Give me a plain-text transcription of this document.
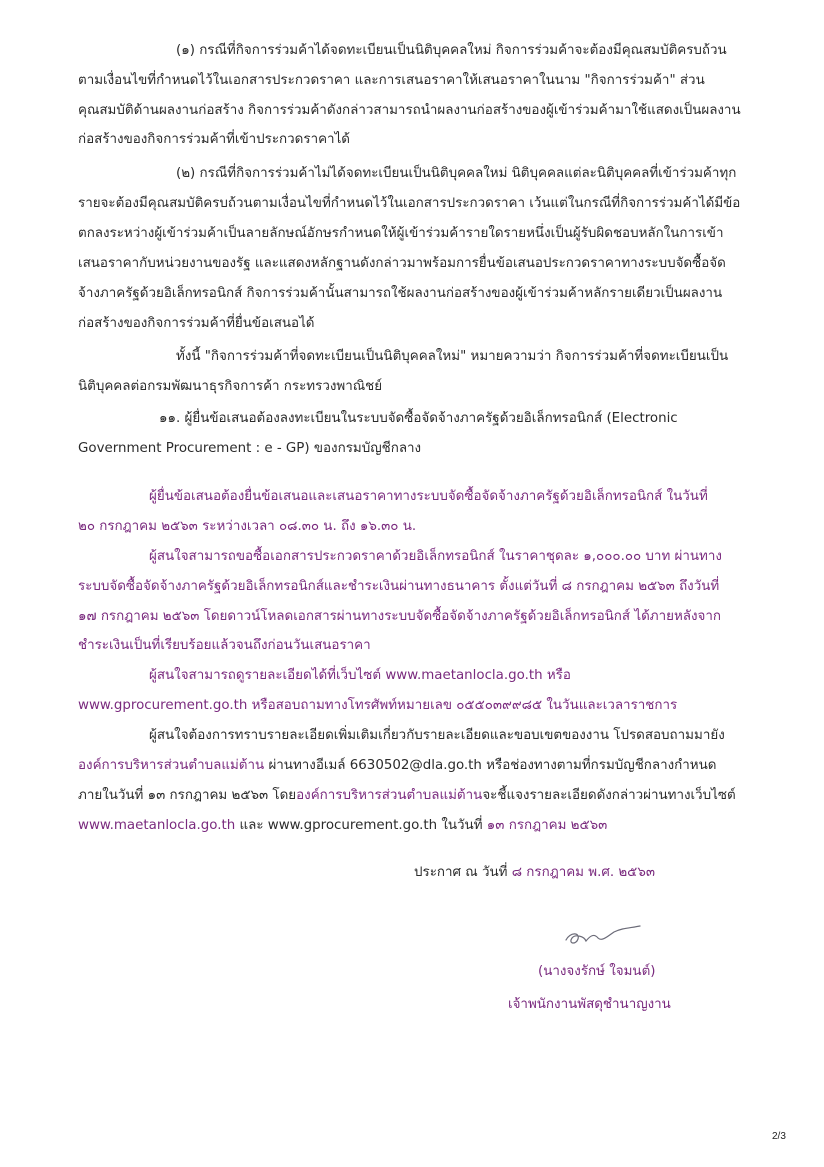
(๑) กรณีที่กิจการร่วมค้าได้จดทะเบียนเป็นนิติบุคคลใหม่ กิจการร่วมค้าจะต้องมีคุณสมบัติครบถ้วน
ตามเงื่อนไขที่กำหนดไว้ในเอกสารประกวดราคา และการเสนอราคาให้เสนอราคาในนาม "กิจการร่วมค้า" ส่วน
คุณสมบัติด้านผลงานก่อสร้าง กิจการร่วมค้าดังกล่าวสามารถนำผลงานก่อสร้างของผู้เข้าร่วมค้ามาใช้แสดงเป็นผลงาน
ก่อสร้างของกิจการร่วมค้าที่เข้าประกวดราคาได้
(๒) กรณีที่กิจการร่วมค้าไม่ได้จดทะเบียนเป็นนิติบุคคลใหม่ นิติบุคคลแต่ละนิติบุคคลที่เข้าร่วมค้าทุก
รายจะต้องมีคุณสมบัติครบถ้วนตามเงื่อนไขที่กำหนดไว้ในเอกสารประกวดราคา เว้นแต่ในกรณีที่กิจการร่วมค้าได้มีข้อ
ตกลงระหว่างผู้เข้าร่วมค้าเป็นลายลักษณ์อักษรกำหนดให้ผู้เข้าร่วมค้ารายใดรายหนึ่งเป็นผู้รับผิดชอบหลักในการเข้า
เสนอราคากับหน่วยงานของรัฐ และแสดงหลักฐานดังกล่าวมาพร้อมการยื่นข้อเสนอประกวดราคาทางระบบจัดซื้อจัด
จ้างภาครัฐด้วยอิเล็กทรอนิกส์ กิจการร่วมค้านั้นสามารถใช้ผลงานก่อสร้างของผู้เข้าร่วมค้าหลักรายเดียวเป็นผลงาน
ก่อสร้างของกิจการร่วมค้าที่ยื่นข้อเสนอได้
ทั้งนี้ "กิจการร่วมค้าที่จดทะเบียนเป็นนิติบุคคลใหม่" หมายความว่า กิจการร่วมค้าที่จดทะเบียนเป็น
นิติบุคคลต่อกรมพัฒนาธุรกิจการค้า กระทรวงพาณิชย์
๑๑. ผู้ยื่นข้อเสนอต้องลงทะเบียนในระบบจัดซื้อจัดจ้างภาครัฐด้วยอิเล็กทรอนิกส์ (Electronic
Government Procurement : e - GP) ของกรมบัญชีกลาง
ผู้ยื่นข้อเสนอต้องยื่นข้อเสนอและเสนอราคาทางระบบจัดซื้อจัดจ้างภาครัฐด้วยอิเล็กทรอนิกส์ ในวันที่
๒๐ กรกฎาคม ๒๕๖๓ ระหว่างเวลา ๐๘.๓๐ น. ถึง ๑๖.๓๐ น.
ผู้สนใจสามารถขอซื้อเอกสารประกวดราคาด้วยอิเล็กทรอนิกส์ ในราคาชุดละ ๑,๐๐๐.๐๐ บาท ผ่านทาง
ระบบจัดซื้อจัดจ้างภาครัฐด้วยอิเล็กทรอนิกส์และชำระเงินผ่านทางธนาคาร ตั้งแต่วันที่ ๘ กรกฎาคม ๒๕๖๓ ถึงวันที่
๑๗ กรกฎาคม ๒๕๖๓ โดยดาวน์โหลดเอกสารผ่านทางระบบจัดซื้อจัดจ้างภาครัฐด้วยอิเล็กทรอนิกส์ ได้ภายหลังจาก
ชำระเงินเป็นที่เรียบร้อยแล้วจนถึงก่อนวันเสนอราคา
ผู้สนใจสามารถดูรายละเอียดได้ที่เว็บไซต์ www.maetanlocla.go.th หรือ
www.gprocurement.go.th หรือสอบถามทางโทรศัพท์หมายเลข ๐๕๕๐๓๙๙๘๕ ในวันและเวลาราชการ
ผู้สนใจต้องการทราบรายละเอียดเพิ่มเติมเกี่ยวกับรายละเอียดและขอบเขตของงาน โปรดสอบถามมายัง
องค์การบริหารส่วนตำบลแม่ต้าน ผ่านทางอีเมล์ 6630502@dla.go.th หรือช่องทางตามที่กรมบัญชีกลางกำหนด
ภายในวันที่ ๑๓ กรกฎาคม ๒๕๖๓ โดยองค์การบริหารส่วนตำบลแม่ต้านจะชี้แจงรายละเอียดดังกล่าวผ่านทางเว็บไซต์
www.maetanlocla.go.th และ www.gprocurement.go.th ในวันที่ ๑๓ กรกฎาคม ๒๕๖๓
ประกาศ ณ วันที่ ๘ กรกฎาคม พ.ศ. ๒๕๖๓
(นางจงรักษ์ ใจมนต์)
เจ้าพนักงานพัสดุชำนาญงาน
2/3
